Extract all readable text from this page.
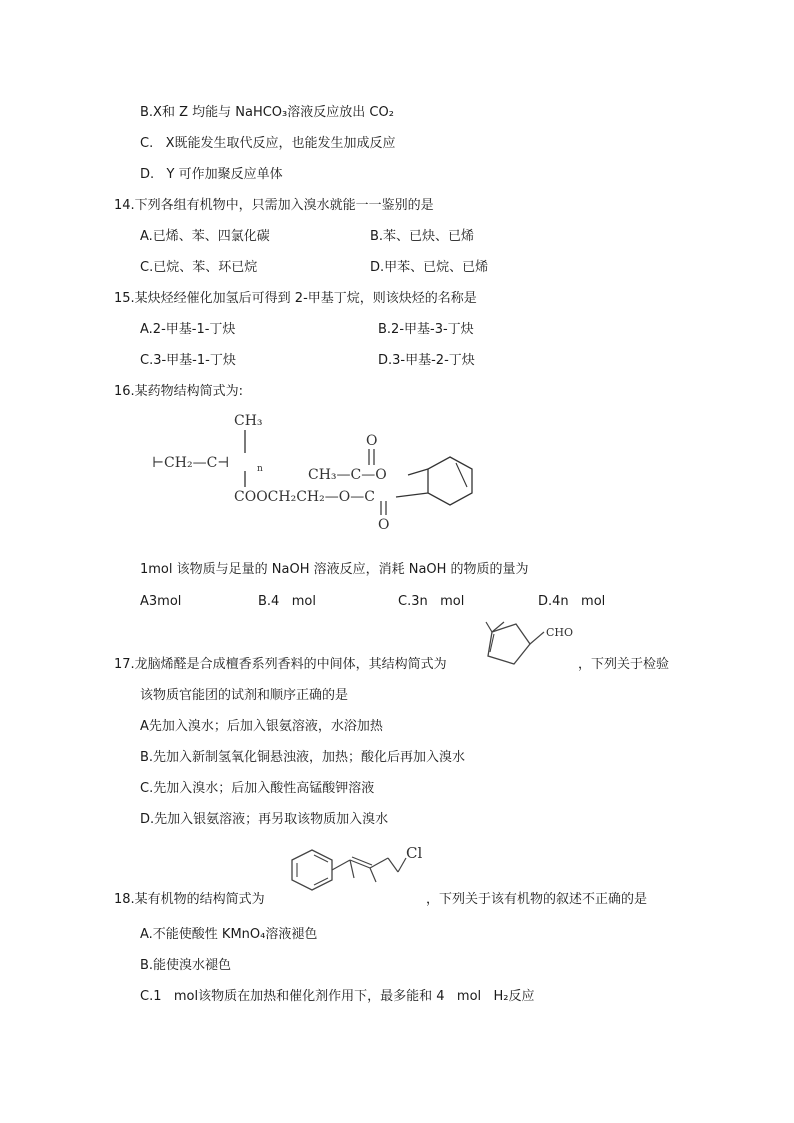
B.X和 Z 均能与 NaHCO₃溶液反应放出 CO₂
C.   X既能发生取代反应，也能发生加成反应
D.   Y 可作加聚反应单体
14.下列各组有机物中，只需加入溴水就能一一鉴别的是
A.已烯、苯、四氯化碳	B.苯、已炔、已烯
C.已烷、苯、环已烷	D.甲苯、已烷、已烯
15.某炔烃经催化加氢后可得到 2-甲基丁烷，则该炔烃的名称是
A.2-甲基-1-丁炔	B.2-甲基-3-丁炔
C.3-甲基-1-丁炔	D.3-甲基-2-丁炔
16.某药物结构简式为:
CH₃
⊢CH₂—C⊣	n
COOCH₂CH₂—O—C
CH₃—C—O
O
O
1mol 该物质与足量的 NaOH 溶液反应，消耗 NaOH 的物质的量为
A3mol	B.4   mol	C.3n   mol	D.4n   mol
17.龙脑烯醛是合成檀香系列香料的中间体，其结构简式为
CHO
，下列关于检验
该物质官能团的试剂和顺序正确的是
A先加入溴水；后加入银氨溶液，水浴加热
B.先加入新制氢氧化铜悬浊液，加热；酸化后再加入溴水
C.先加入溴水；后加入酸性高锰酸钾溶液
D.先加入银氨溶液；再另取该物质加入溴水
Cl
18.某有机物的结构简式为	，下列关于该有机物的叙述不正确的是
A.不能使酸性 KMnO₄溶液褪色
B.能使溴水褪色
C.1   mol该物质在加热和催化剂作用下，最多能和 4   mol   H₂反应
